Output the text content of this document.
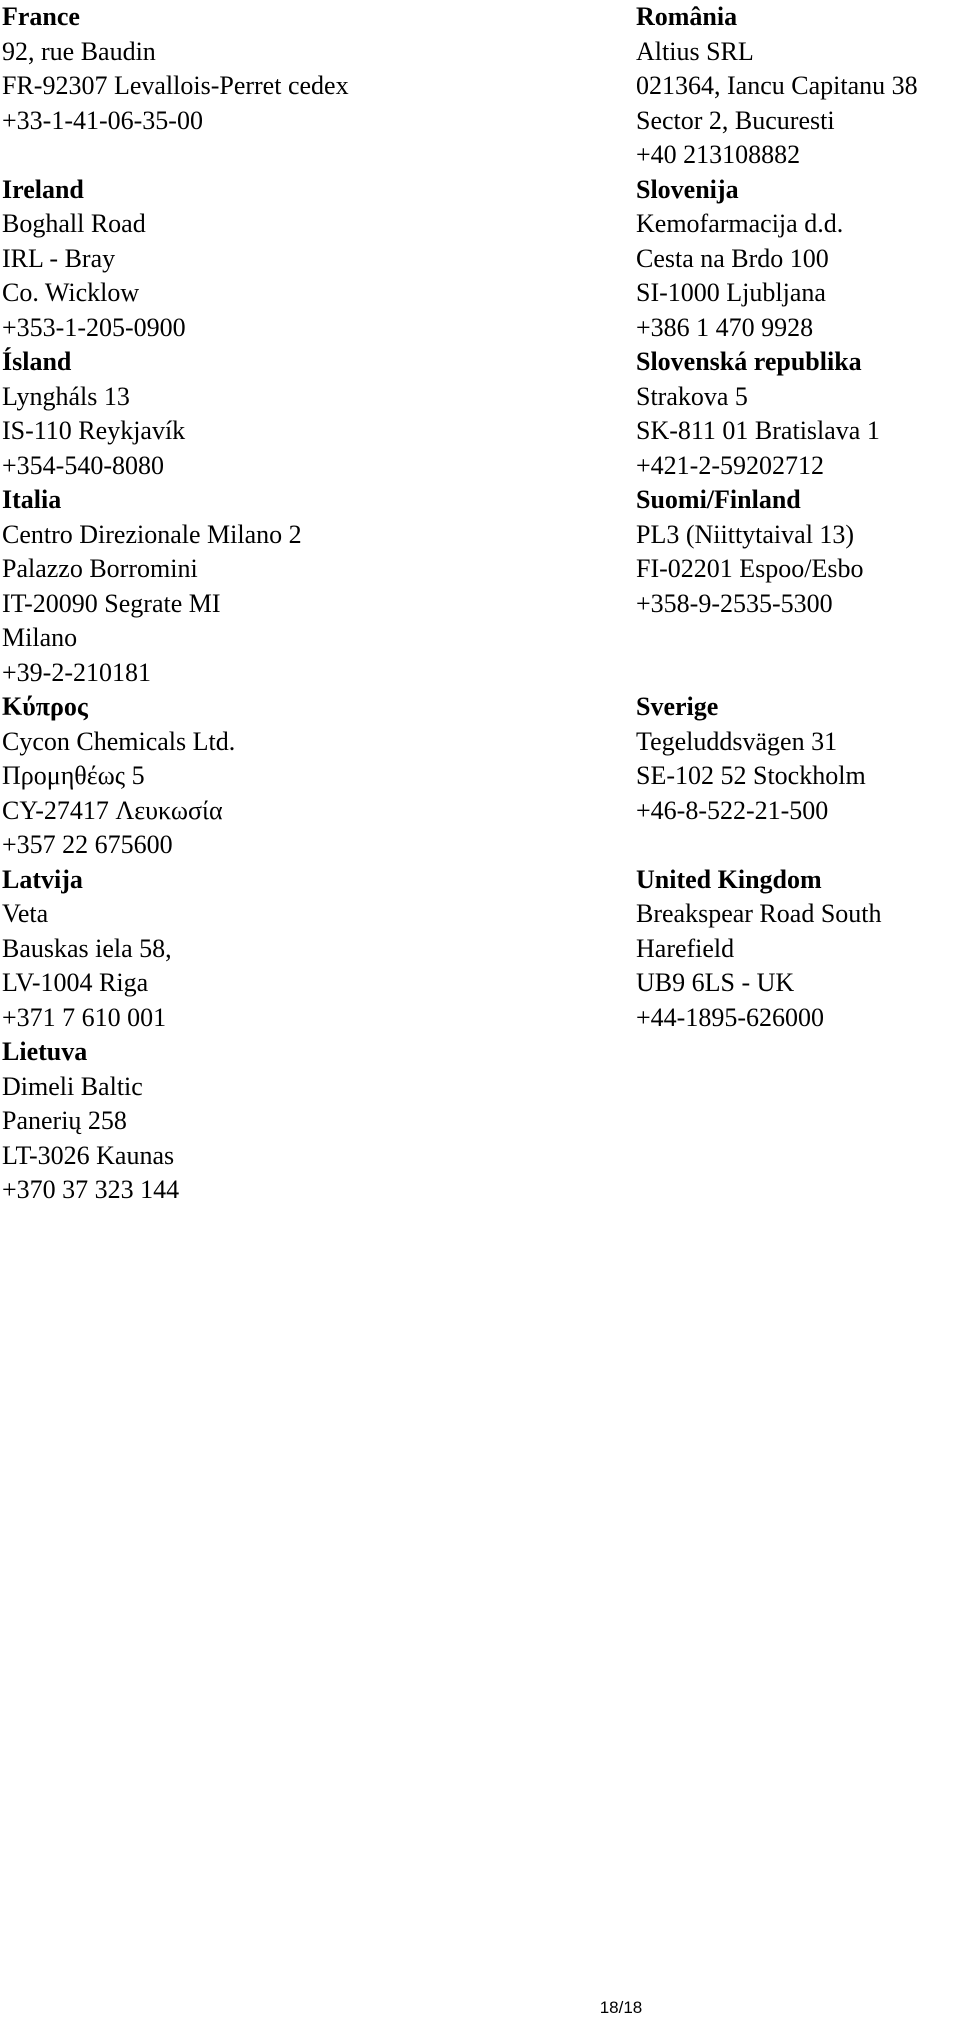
France
92, rue Baudin
FR-92307 Levallois-Perret cedex
+33-1-41-06-35-00
Ireland
Boghall Road
IRL - Bray
Co. Wicklow
+353-1-205-0900
Ísland
Lyngháls 13
IS-110 Reykjavík
+354-540-8080
Italia
Centro Direzionale Milano 2
Palazzo Borromini
IT-20090 Segrate MI
Milano
+39-2-210181
Κύπρος
Cycon Chemicals Ltd.
Προμηθέως 5
CY-27417 Λευκωσία
+357 22 675600
Latvija
Veta
Bauskas iela 58,
LV-1004 Riga
+371 7 610 001
Lietuva
Dimeli Baltic
Panerių 258
LT-3026 Kaunas
+370 37 323 144
România
Altius SRL
021364, Iancu Capitanu 38
Sector 2, Bucuresti
+40 213108882
Slovenija
Kemofarmacija d.d.
Cesta na Brdo 100
SI-1000 Ljubljana
+386 1 470 9928
Slovenská republika
Strakova 5
SK-811 01 Bratislava 1
+421-2-59202712
Suomi/Finland
PL3 (Niittytaival 13)
FI-02201 Espoo/Esbo
+358-9-2535-5300
Sverige
Tegeluddsvägen 31
SE-102 52 Stockholm
+46-8-522-21-500
United Kingdom
Breakspear Road South
Harefield
UB9 6LS - UK
+44-1895-626000
18/18
